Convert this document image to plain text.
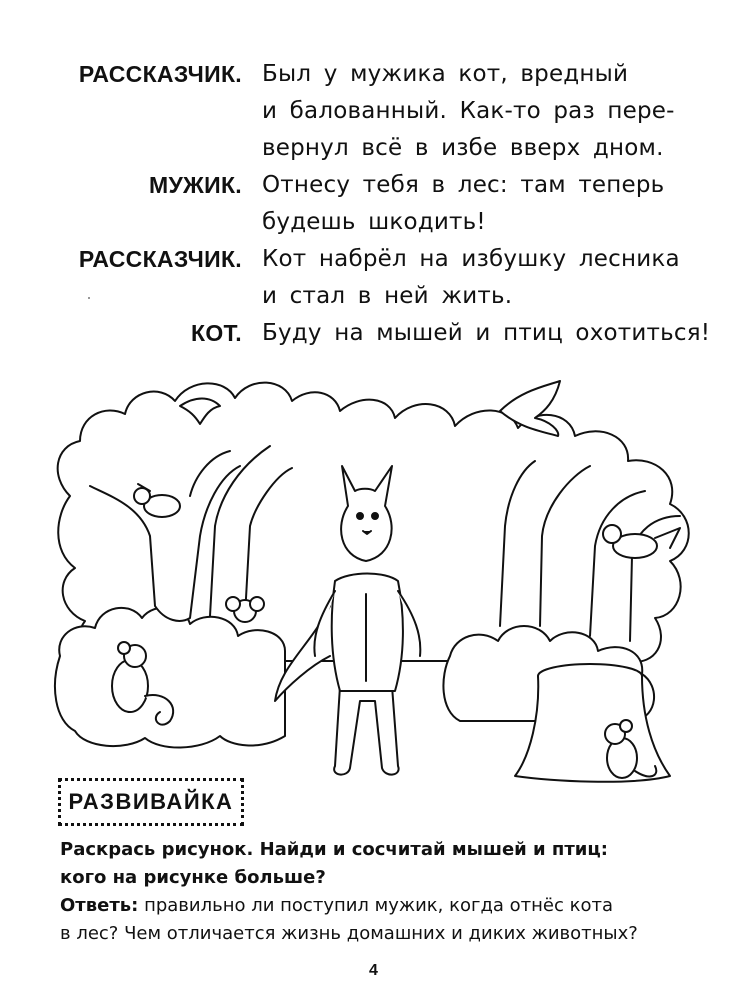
РАССКАЗЧИК. Был у мужика кот, вредный
и балованный. Как-то раз пере-
вернул всё в избе вверх дном.
МУЖИК. Отнесу тебя в лес: там теперь
будешь шкодить!
РАССКАЗЧИК. Кот набрёл на избушку лесника
и стал в ней жить.
КОТ. Буду на мышей и птиц охотиться!
РАЗВИВАЙКА
Раскрась рисунок. Найди и сосчитай мышей и птиц:
кого на рисунке больше?
Ответь: правильно ли поступил мужик, когда отнёс кота
в лес? Чем отличается жизнь домашних и диких животных?
4
